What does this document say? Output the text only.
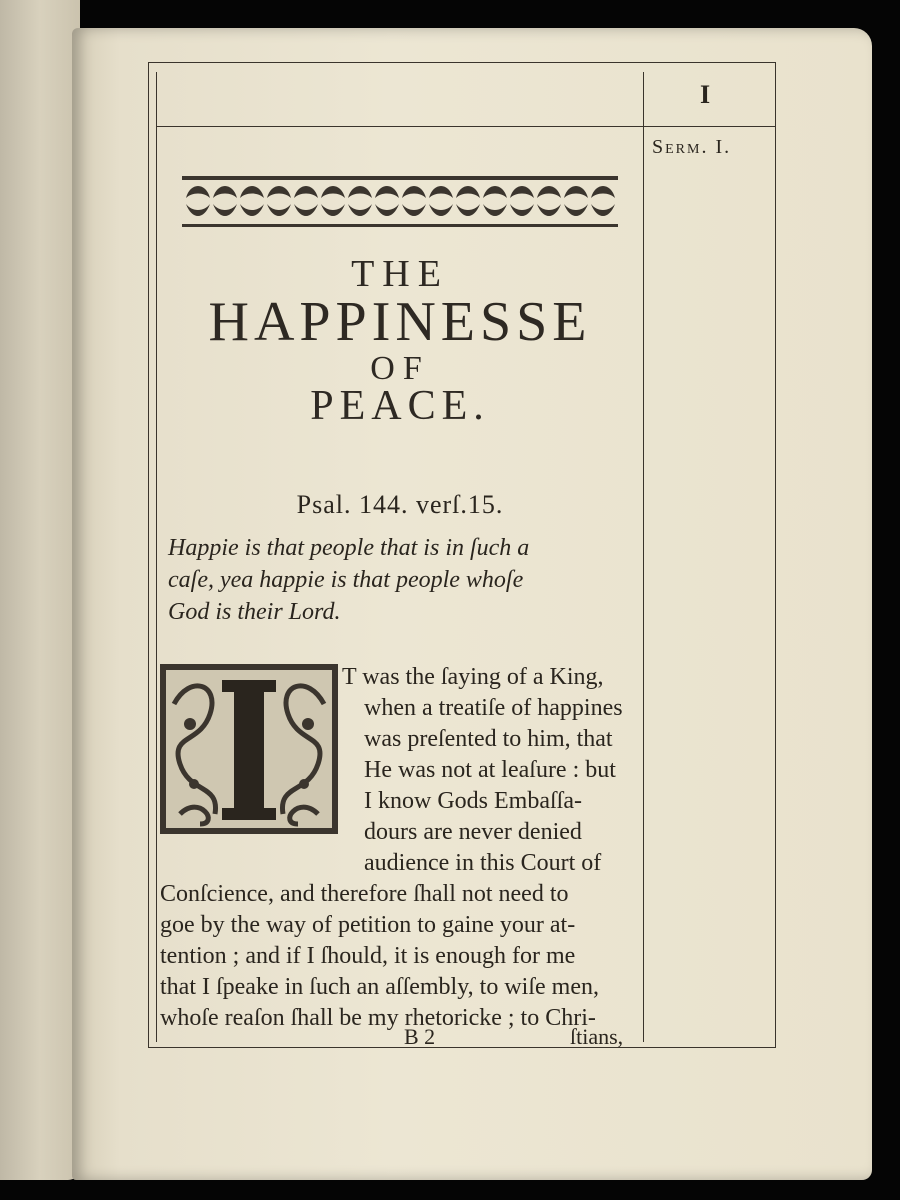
I
Serm. I.
THE
HAPPINESSE
OF
PEACE.
Psal. 144. verſ.15.
Happie is that people that is in ſuch a
caſe, yea happie is that people whoſe
God is their Lord.
T was the ſaying of a King,
when a treatiſe of happines
was preſented to him, that
He was not at leaſure : but
I know Gods Embaſſa-
dours are never denied
audience in this Court of
Conſcience, and therefore ſhall not need to
goe by the way of petition to gaine your at-
tention ; and if I ſhould, it is enough for me
that I ſpeake in ſuch an aſſembly, to wiſe men,
whoſe reaſon ſhall be my rhetoricke ; to Chri-
B 2	ſtians,
